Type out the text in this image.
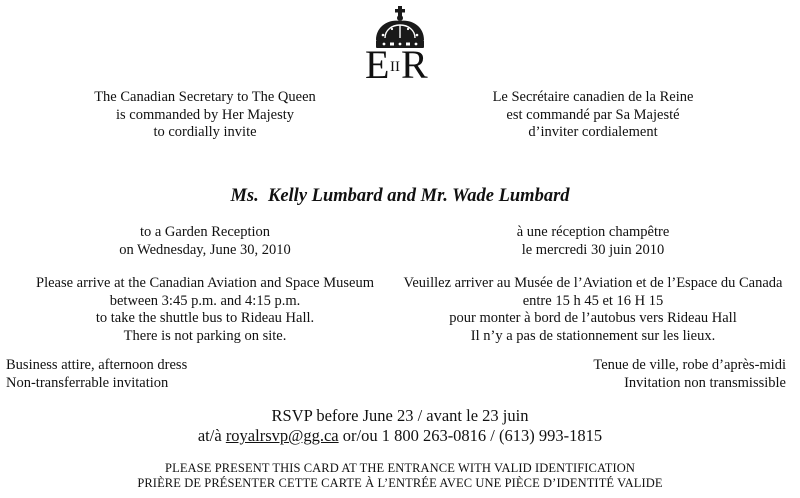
E II R
The Canadian Secretary to The Queen
is commanded by Her Majesty
to cordially invite
Le Secrétaire canadien de la Reine
est commandé par Sa Majesté
d’inviter cordialement
Ms.  Kelly Lumbard and Mr. Wade Lumbard
to a Garden Reception
on Wednesday, June 30, 2010
à une réception champêtre
le mercredi 30 juin 2010
Please arrive at the Canadian Aviation and Space Museum
between 3:45 p.m. and 4:15 p.m.
to take the shuttle bus to Rideau Hall.
There is not parking on site.
Veuillez arriver au Musée de l’Aviation et de l’Espace du Canada
entre 15 h 45 et 16 H 15
pour monter à bord de l’autobus vers Rideau Hall
Il n’y a pas de stationnement sur les lieux.
Business attire, afternoon dress
Non-transferrable invitation
Tenue de ville, robe d’après-midi
Invitation non transmissible
RSVP before June 23 / avant le 23 juin
at/à royalrsvp@gg.ca or/ou 1 800 263-0816 / (613) 993-1815
PLEASE PRESENT THIS CARD AT THE ENTRANCE WITH VALID IDENTIFICATION
PRIÈRE DE PRÉSENTER CETTE CARTE À L’ENTRÉE AVEC UNE PIÈCE D’IDENTITÉ VALIDE
